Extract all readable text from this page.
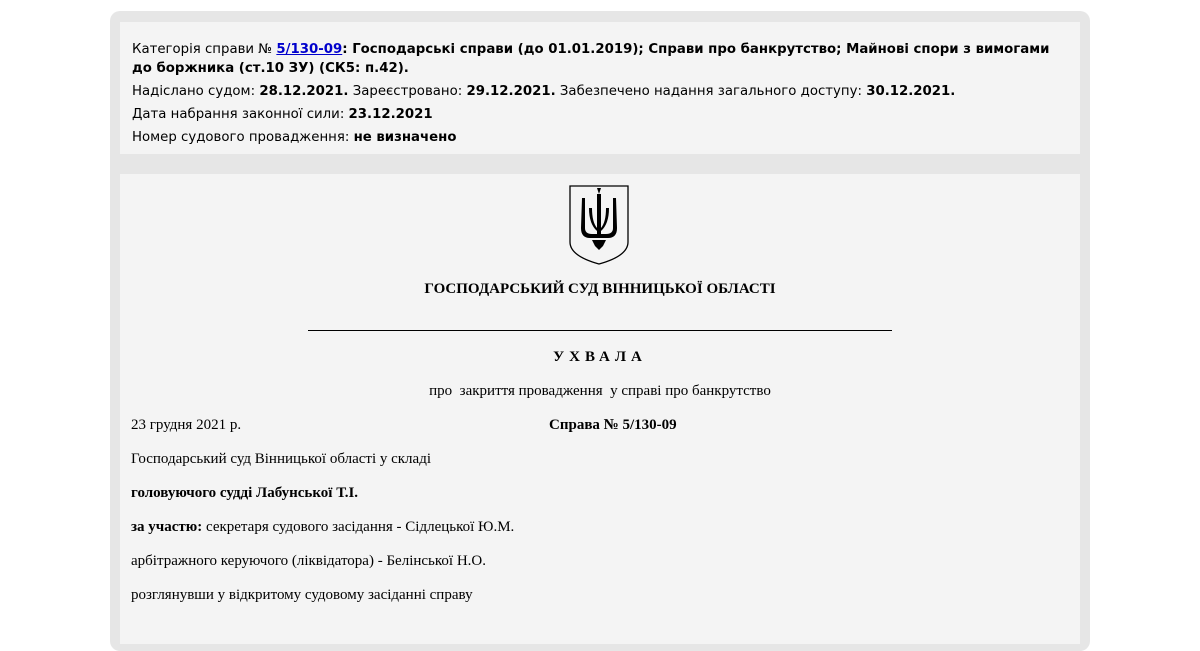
Категорія справи № 5/130-09: Господарські справи (до 01.01.2019); Справи про банкрутство; Майнові спори з вимогами до боржника (ст.10 ЗУ) (СК5: п.42).
Надіслано судом: 28.12.2021. Зареєстровано: 29.12.2021. Забезпечено надання загального доступу: 30.12.2021.
Дата набрання законної сили: 23.12.2021
Номер судового провадження: не визначено
ГОСПОДАРСЬКИЙ СУД ВІННИЦЬКОЇ ОБЛАСТІ
УХВАЛА
про  закриття провадження  у справі про банкрутство
23 грудня 2021 р.	Справа № 5/130-09
Господарський суд Вінницької області у складі
головуючого судді Лабунської Т.І.
за участю: секретаря судового засідання - Сідлецької Ю.М.
арбітражного керуючого (ліквідатора) - Белінської Н.О.
розглянувши у відкритому судовому засіданні справу
